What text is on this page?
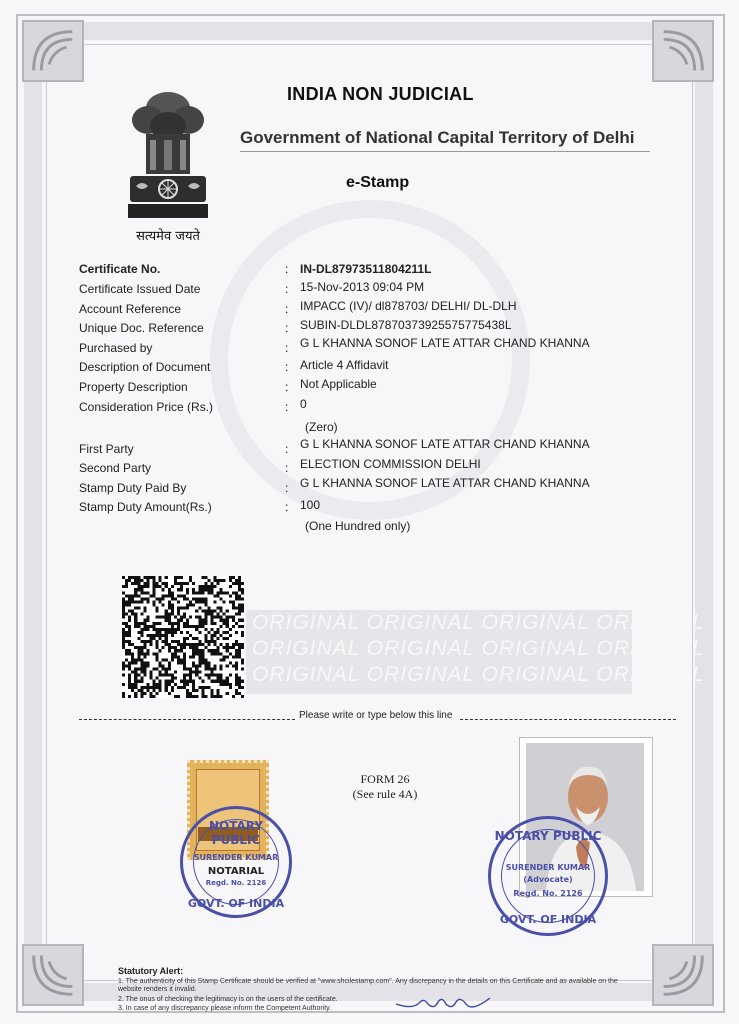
सत्यमेव जयते
INDIA NON JUDICIAL
Government of National Capital Territory of Delhi
e-Stamp
Certificate No.	: IN-DL87973511804211L
Certificate Issued Date	: 15-Nov-2013 09:04 PM
Account Reference	: IMPACC (IV)/ dl878703/ DELHI/ DL-DLH
Unique Doc. Reference	: SUBIN-DLDL87870373925575775438L
Purchased by	: G L KHANNA SONOF LATE ATTAR CHAND KHANNA
Description of Document	: Article 4 Affidavit
Property Description	: Not Applicable
Consideration Price (Rs.)	: 0
(Zero)
First Party	: G L KHANNA SONOF LATE ATTAR CHAND KHANNA
Second Party	: ELECTION COMMISSION DELHI
Stamp Duty Paid By	: G L KHANNA SONOF LATE ATTAR CHAND KHANNA
Stamp Duty Amount(Rs.)	: 100
(One Hundred only)
ORIGINAL ORIGINAL ORIGINAL ORIGINAL
ORIGINAL ORIGINAL ORIGINAL ORIGINAL
ORIGINAL ORIGINAL ORIGINAL ORIGINAL
Please write or type below this line
FORM 26
(See rule 4A)
NOTARY PUBLIC
SURENDER KUMAR
NOTARIAL
Regd. No. 2126
GOVT. OF INDIA
NOTARY PUBLIC
SURENDER KUMAR
(Advocate)
Regd. No. 2126
GOVT. OF INDIA
Statutory Alert:
1. The authenticity of this Stamp Certificate should be verified at "www.shcilestamp.com". Any discrepancy in the details on this Certificate and as available on the website renders it invalid.
2. The onus of checking the legitimacy is on the users of the certificate.
3. In case of any discrepancy please inform the Competent Authority.
